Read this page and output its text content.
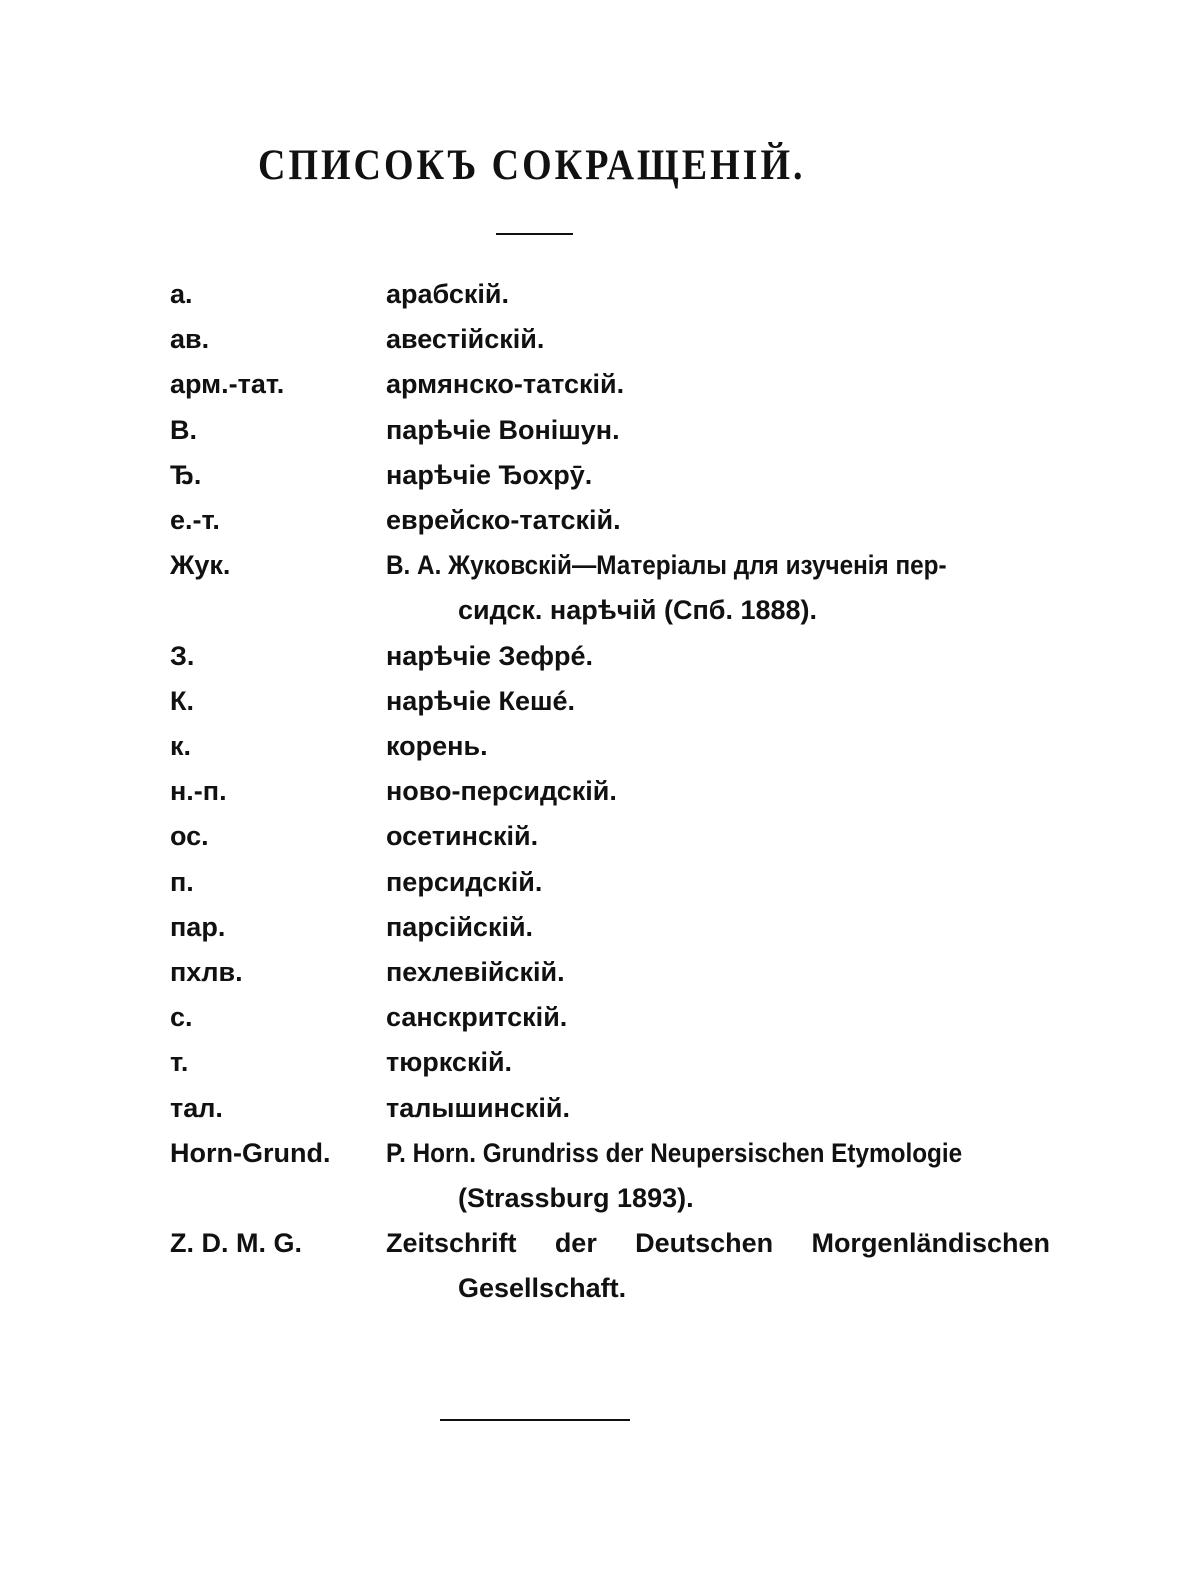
СПИСОКЪ СОКРАЩЕНІЙ.
а.	арабскій.
ав.	авестійскій.
арм.-тат.	армянско-татскій.
В.	парѣчіе Вонішун.
Ђ.	нарѣчіе Ђохрӯ.
е.-т.	еврейско-татскій.
Жук.	В. А. Жуковскій—Матеріалы для изученія пер-
сидск. нарѣчій (Спб. 1888).
З.	нарѣчіе Зефрé.
К.	нарѣчіе Кешé.
к.	корень.
н.-п.	ново-персидскій.
ос.	осетинскій.
п.	персидскій.
пар.	парсійскій.
пхлв.	пехлевійскій.
с.	санскритскій.
т.	тюркскій.
тал.	талышинскій.
Horn-Grund.	P. Horn. Grundriss der Neupersischen Etymologie
(Strassburg 1893).
Z. D. M. G.	Zeitschrift der Deutschen Morgenländischen
Gesellschaft.
